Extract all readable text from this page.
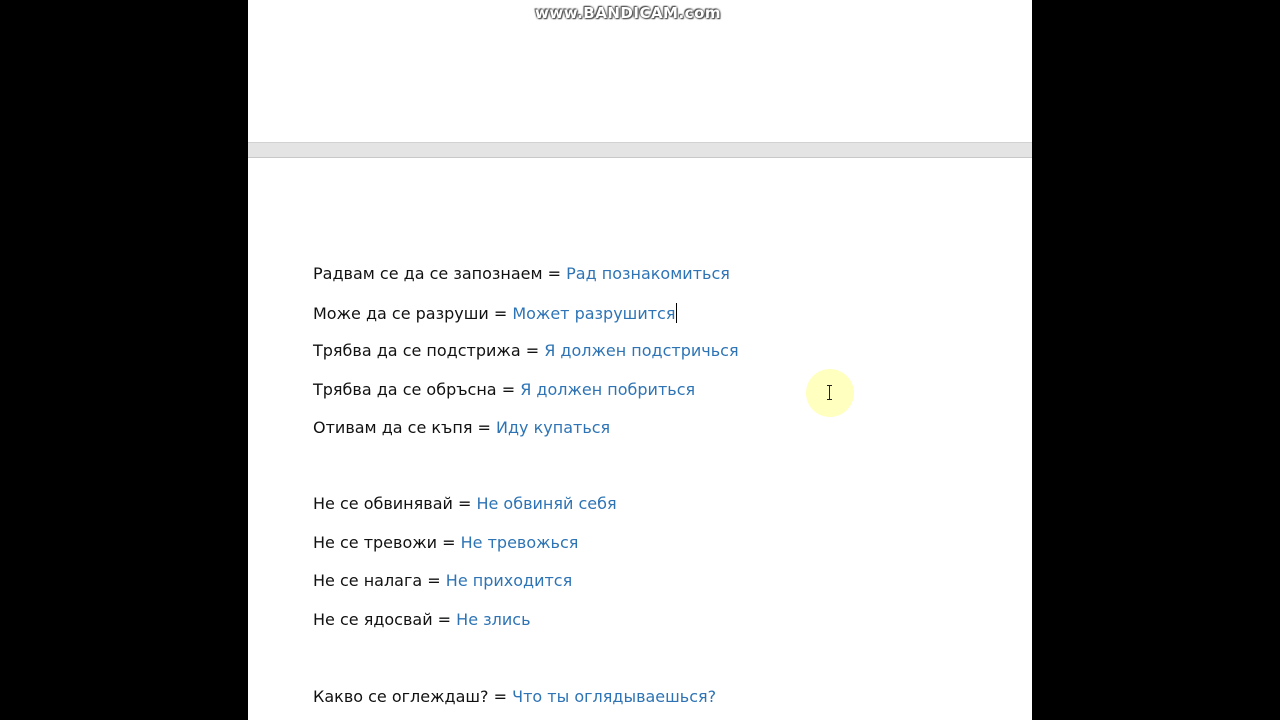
www.BANDICAM.com
Радвам се да се запознаем = Рад познакомиться
Може да се разруши = Может разрушится
Трябва да се подстрижа = Я должен подстричься
Трябва да се обръсна = Я должен побриться
Отивам да се къпя = Иду купаться
Не се обвинявай = Не обвиняй себя
Не се тревожи = Не тревожься
Не се налага = Не приходится
Не се ядосвай = Не злись
Какво се оглеждаш? = Что ты оглядываешься?
